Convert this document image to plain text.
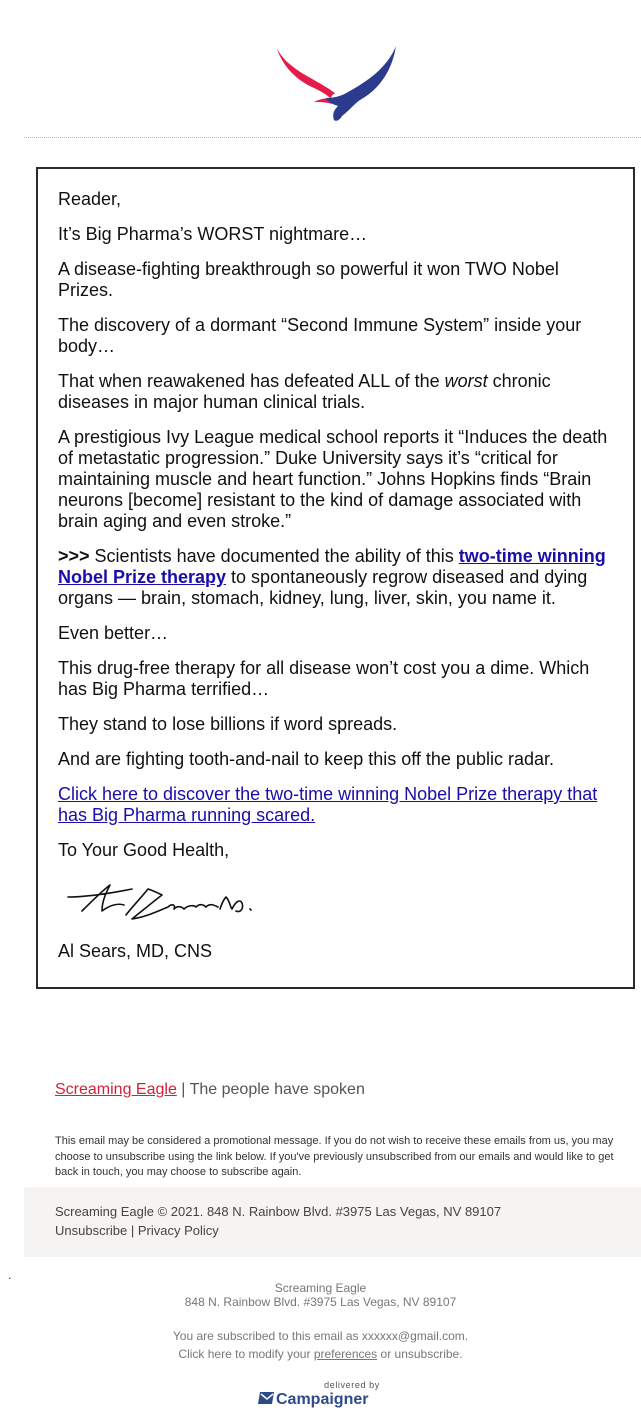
Reader,

It’s Big Pharma’s WORST nightmare…

A disease-fighting breakthrough so powerful it won TWO Nobel Prizes.

The discovery of a dormant “Second Immune System” inside your body…

That when reawakened has defeated ALL of the worst chronic diseases in major human clinical trials.

A prestigious Ivy League medical school reports it “Induces the death of metastatic progression.” Duke University says it’s “critical for maintaining muscle and heart function.” Johns Hopkins finds “Brain neurons [become] resistant to the kind of damage associated with brain aging and even stroke.”

>>> Scientists have documented the ability of this two-time winning Nobel Prize therapy to spontaneously regrow diseased and dying organs — brain, stomach, kidney, lung, liver, skin, you name it.

Even better…

This drug-free therapy for all disease won’t cost you a dime. Which has Big Pharma terrified…

They stand to lose billions if word spreads.

And are fighting tooth-and-nail to keep this off the public radar.

Click here to discover the two-time winning Nobel Prize therapy that has Big Pharma running scared.

To Your Good Health,

Al Sears, MD, CNS

Screaming Eagle | The people have spoken
This email may be considered a promotional message. If you do not wish to receive these emails from us, you may choose to unsubscribe using the link below. If you've previously unsubscribed from our emails and would like to get back in touch, you may choose to subscribe again.
Screaming Eagle © 2021. 848 N. Rainbow Blvd. #3975 Las Vegas, NV 89107
Unsubscribe | Privacy Policy
.
Screaming Eagle
848 N. Rainbow Blvd. #3975 Las Vegas, NV 89107
You are subscribed to this email as xxxxxx@gmail.com.
Click here to modify your preferences or unsubscribe.
delivered by
Campaigner
